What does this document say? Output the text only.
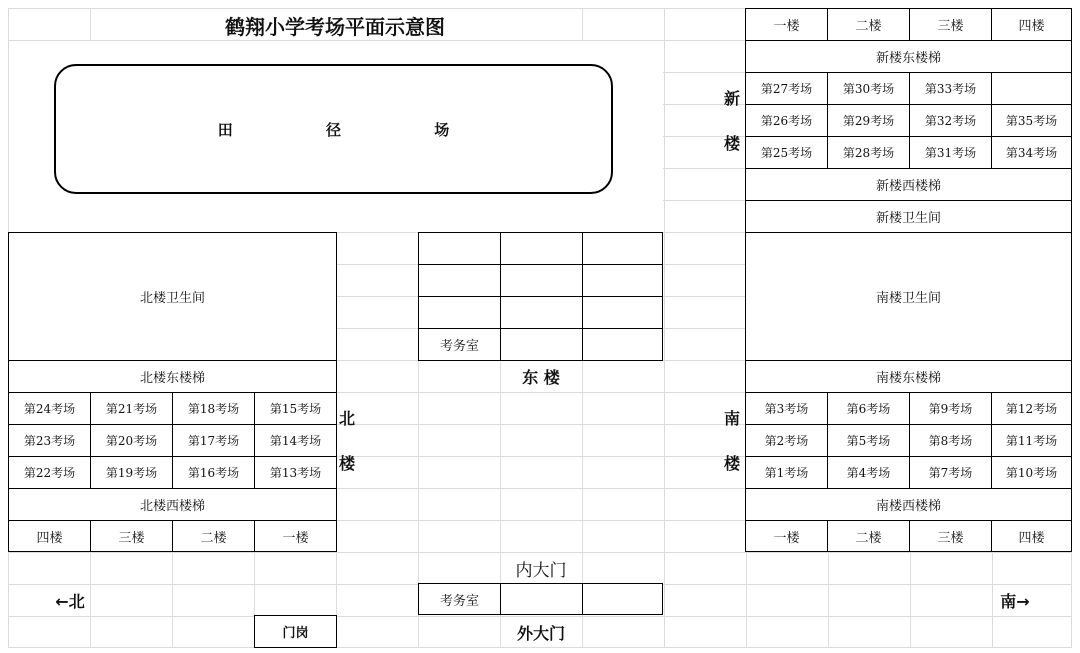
鹤翔小学考场平面示意图
田 径 场
北楼卫生间
北楼东楼梯
第24考场	第21考场	第18考场	第15考场
第23考场	第20考场	第17考场	第14考场
第22考场	第19考场	第16考场	第13考场
北楼西楼梯
四楼	三楼	二楼	一楼
北
楼
考务室
东 楼
内大门
考务室
外大门
门岗
←北	南→
一楼	二楼	三楼	四楼
新楼东楼梯
第27考场	第30考场	第33考场
第26考场	第29考场	第32考场	第35考场
第25考场	第28考场	第31考场	第34考场
新楼西楼梯
新楼卫生间
新
楼
南楼卫生间
南楼东楼梯
第3考场	第6考场	第9考场	第12考场
第2考场	第5考场	第8考场	第11考场
第1考场	第4考场	第7考场	第10考场
南楼西楼梯
一楼	二楼	三楼	四楼
南
楼
